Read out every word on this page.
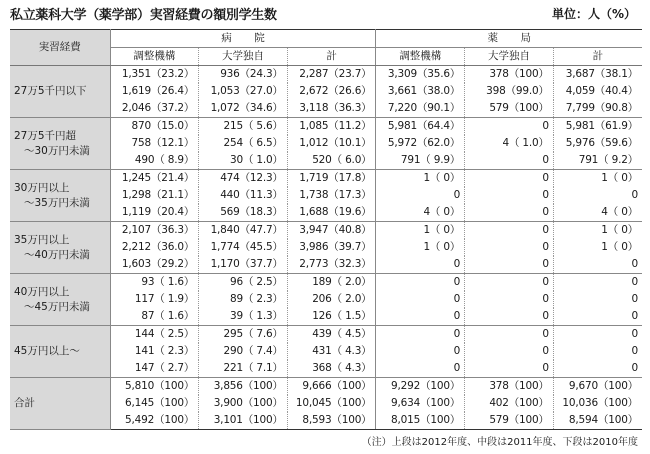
私立薬科大学（薬学部）実習経費の額別学生数	単位：人（%）
実習経費	病　院			薬　局		
	調整機構	大学独自	計	調整機構	大学独自	計

27万5千円以下	1,351（23.2）	936（24.3）	2,287（23.7）	3,309（35.6）	378（100）	3,687（38.1）
	1,619（26.4）	1,053（27.0）	2,672（26.6）	3,661（38.0）	398（99.0）	4,059（40.4）
	2,046（37.2）	1,072（34.6）	3,118（36.3）	7,220（90.1）	579（100）	7,799（90.8）

27万5千円超
〜30万円未満	870（15.0）	215（ 5.6）	1,085（11.2）	5,981（64.4）	0	5,981（61.9）
	758（12.1）	254（ 6.5）	1,012（10.1）	5,972（62.0）	4（ 1.0）	5,976（59.6）
	490（ 8.9）	30（ 1.0）	520（ 6.0）	791（ 9.9）	0	791（ 9.2）

30万円以上
〜35万円未満	1,245（21.4）	474（12.3）	1,719（17.8）	1（ 0）	0	1（ 0）
	1,298（21.1）	440（11.3）	1,738（17.3）	0	0	0
	1,119（20.4）	569（18.3）	1,688（19.6）	4（ 0）	0	4（ 0）

35万円以上
〜40万円未満	2,107（36.3）	1,840（47.7）	3,947（40.8）	1（ 0）	0	1（ 0）
	2,212（36.0）	1,774（45.5）	3,986（39.7）	1（ 0）	0	1（ 0）
	1,603（29.2）	1,170（37.7）	2,773（32.3）	0	0	0

40万円以上
〜45万円未満	93（ 1.6）	96（ 2.5）	189（ 2.0）	0	0	0
	117（ 1.9）	89（ 2.3）	206（ 2.0）	0	0	0
	87（ 1.6）	39（ 1.3）	126（ 1.5）	0	0	0

45万円以上〜	144（ 2.5）	295（ 7.6）	439（ 4.5）	0	0	0
	141（ 2.3）	290（ 7.4）	431（ 4.3）	0	0	0
	147（ 2.7）	221（ 7.1）	368（ 4.3）	0	0	0

合計	5,810（100）	3,856（100）	9,666（100）	9,292（100）	378（100）	9,670（100）
	6,145（100）	3,900（100）	10,045（100）	9,634（100）	402（100）	10,036（100）
	5,492（100）	3,101（100）	8,593（100）	8,015（100）	579（100）	8,594（100）
（注）上段は2012年度、中段は2011年度、下段は2010年度
